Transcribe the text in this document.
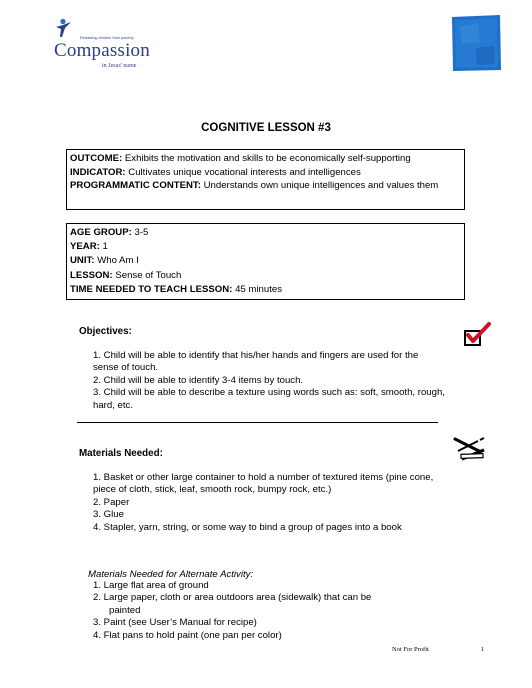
Releasing children from poverty
Compassion
in Jesus' name
COGNITIVE LESSON #3
OUTCOME: Exhibits the motivation and skills to be economically self-supporting
INDICATOR: Cultivates unique vocational interests and intelligences
PROGRAMMATIC CONTENT: Understands own unique intelligences and values them
AGE GROUP: 3-5
YEAR: 1
UNIT: Who Am I
LESSON: Sense of Touch
TIME NEEDED TO TEACH LESSON: 45 minutes
Objectives:
1. Child will be able to identify that his/her hands and fingers are used for the sense of touch.
2. Child will be able to identify 3-4 items by touch.
3. Child will be able to describe a texture using words such as: soft, smooth, rough, hard, etc.
Materials Needed:
1. Basket or other large container to hold a number of textured items (pine cone, piece of cloth, stick, leaf, smooth rock, bumpy rock, etc.)
2. Paper
3. Glue
4. Stapler, yarn, string, or some way to bind a group of pages into a book
Materials Needed for Alternate Activity:
1. Large flat area of ground
2. Large paper, cloth or area outdoors area (sidewalk) that can be
painted
3. Paint (see User’s Manual for recipe)
4. Flat pans to hold paint (one pan per color)
Not For Profit	1
